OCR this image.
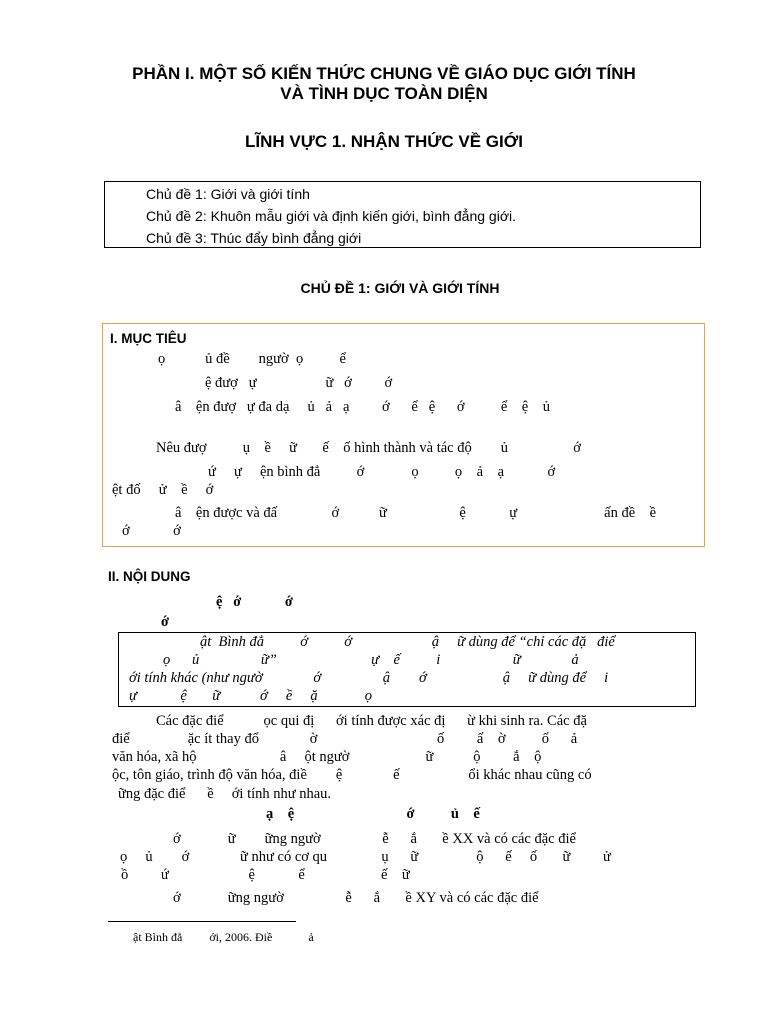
PHẦN I. MỘT SỐ KIẾN THỨC CHUNG VỀ GIÁO DỤC GIỚI TÍNH
VÀ TÌNH DỤC TOÀN DIỆN
LĨNH VỰC 1. NHẬN THỨC VỀ GIỚI
Chủ đề 1: Giới và giới tính
Chủ đề 2: Khuôn mẫu giới và định kiến giới, bình đẳng giới.
Chủ đề 3: Thúc đẩy bình đẳng giới
CHỦ ĐỀ 1: GIỚI VÀ GIỚI TÍNH
I. MỤC TIÊU
ọ           ủ đề        ngườ  ọ          ể
ệ đượ   ự                   ữ   ớ         ớ
â    ện đượ   ự đa dạ     ủ   ả   ạ         ớ      ể   ệ      ớ          ể    ệ    ủ
Nêu đượ          ụ    ề     ữ       ế    ố hình thành và tác độ        ủ                  ớ
ứ     ự     ện bình đẳ          ớ             ọ          ọ    ả    ạ            ớ
ệt đố     ử    ề     ớ
â    ện được và đấ               ớ           ữ                    ệ            ự                        ấn đề    ề
ớ            ớ
II. NỘI DUNG
ệ   ớ            ớ
ớ
ật  Bình đẳ          ớ          ớ                      ậ     ữ dùng để “chỉ các đặ   điể
ọ      ủ                 ữ”                          ự    ế          i                    ữ              ả
ới tính khác (như ngườ              ớ                 ậ        ớ                     ậ     ữ dùng để     i
ự            ệ       ữ           ớ     ề     ặ             ọ
Các đặc điể           ọc qui đị      ới tính được xác đị      ừ khi sinh ra. Các đặ
điể                ặc ít thay đổ              ờ                                 ố         ấ    ờ          ố      ả
văn hóa, xã hộ                       â     ột ngườ                     ữ           ộ         ắ    ộ
ộc, tôn giáo, trình độ văn hóa, điề        ệ              ế                   ổi khác nhau cũng có
ững đặc điể      ề     ới tính như nhau.
ạ    ệ                               ớ          ủ    ế
ớ             ữ        ững ngườ                 ễ      ắ       ề XX và có các đặc điể
ọ     ủ        ớ              ữ như có cơ qu               ụ      ữ                ộ      ế     ố       ữ         ử
ồ         ứ                      ệ            ể                     ế    ữ
ớ             ững ngườ                 ễ      ắ       ề XY và có các đặc điể
ật Bình đẳ         ới, 2006. Điề            ả
